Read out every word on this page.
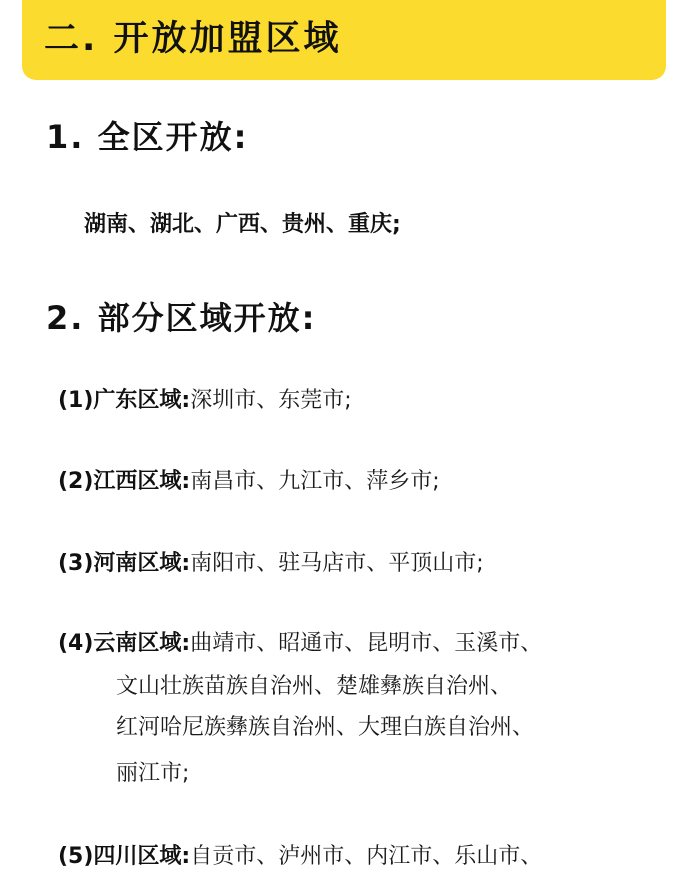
二. 开放加盟区域
1. 全区开放:
湖南、湖北、广西、贵州、重庆;
2. 部分区域开放:
(1)广东区域:深圳市、东莞市;
(2)江西区域:南昌市、九江市、萍乡市;
(3)河南区域:南阳市、驻马店市、平顶山市;
(4)云南区域:曲靖市、昭通市、昆明市、玉溪市、
文山壮族苗族自治州、楚雄彝族自治州、
红河哈尼族彝族自治州、大理白族自治州、
丽江市;
(5)四川区域:自贡市、泸州市、内江市、乐山市、
